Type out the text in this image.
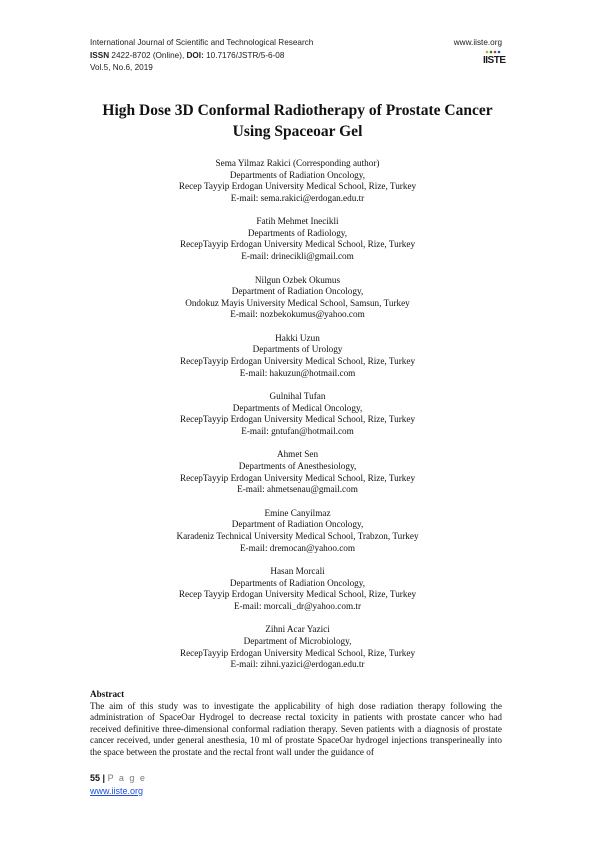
International Journal of Scientific and Technological Research	www.iiste.org
ISSN 2422-8702 (Online), DOI: 10.7176/JSTR/5-6-08
Vol.5, No.6, 2019
IISTE
High Dose 3D Conformal Radiotherapy of Prostate Cancer
Using Spaceoar Gel
Sema Yilmaz Rakici (Corresponding author)
Departments of Radiation Oncology,
Recep Tayyip Erdogan University Medical School, Rize, Turkey
E-mail: sema.rakici@erdogan.edu.tr
Fatih Mehmet Inecikli
Departments of Radiology,
RecepTayyip Erdogan University Medical School, Rize, Turkey
E-mail: drinecikli@gmail.com
Nilgun Ozbek Okumus
Department of Radiation Oncology,
Ondokuz Mayis University Medical School, Samsun, Turkey
E-mail: nozbekokumus@yahoo.com
Hakki Uzun
Departments of Urology
RecepTayyip Erdogan University Medical School, Rize, Turkey
E-mail: hakuzun@hotmail.com
Gulnihal Tufan
Departments of Medical Oncology,
RecepTayyip Erdogan University Medical School, Rize, Turkey
E-mail: gntufan@hotmail.com
Ahmet Sen
Departments of Anesthesiology,
RecepTayyip Erdogan University Medical School, Rize, Turkey
E-mail: ahmetsenau@gmail.com
Emine Canyilmaz
Department of Radiation Oncology,
Karadeniz Technical University Medical School, Trabzon, Turkey
E-mail: dremocan@yahoo.com
Hasan Morcali
Departments of Radiation Oncology,
Recep Tayyip Erdogan University Medical School, Rize, Turkey
E-mail: morcali_dr@yahoo.com.tr
Zihni Acar Yazici
Department of Microbiology,
RecepTayyip Erdogan University Medical School, Rize, Turkey
E-mail: zihni.yazici@erdogan.edu.tr
Abstract
The aim of this study was to investigate the applicability of high dose radiation therapy following the administration of SpaceOar Hydrogel to decrease rectal toxicity in patients with prostate cancer who had received definitive three-dimensional conformal radiation therapy. Seven patients with a diagnosis of prostate cancer received, under general anesthesia, 10 ml of prostate SpaceOar hydrogel injections transperineally into the space between the prostate and the rectal front wall under the guidance of
55 | P a g e
www.iiste.org
